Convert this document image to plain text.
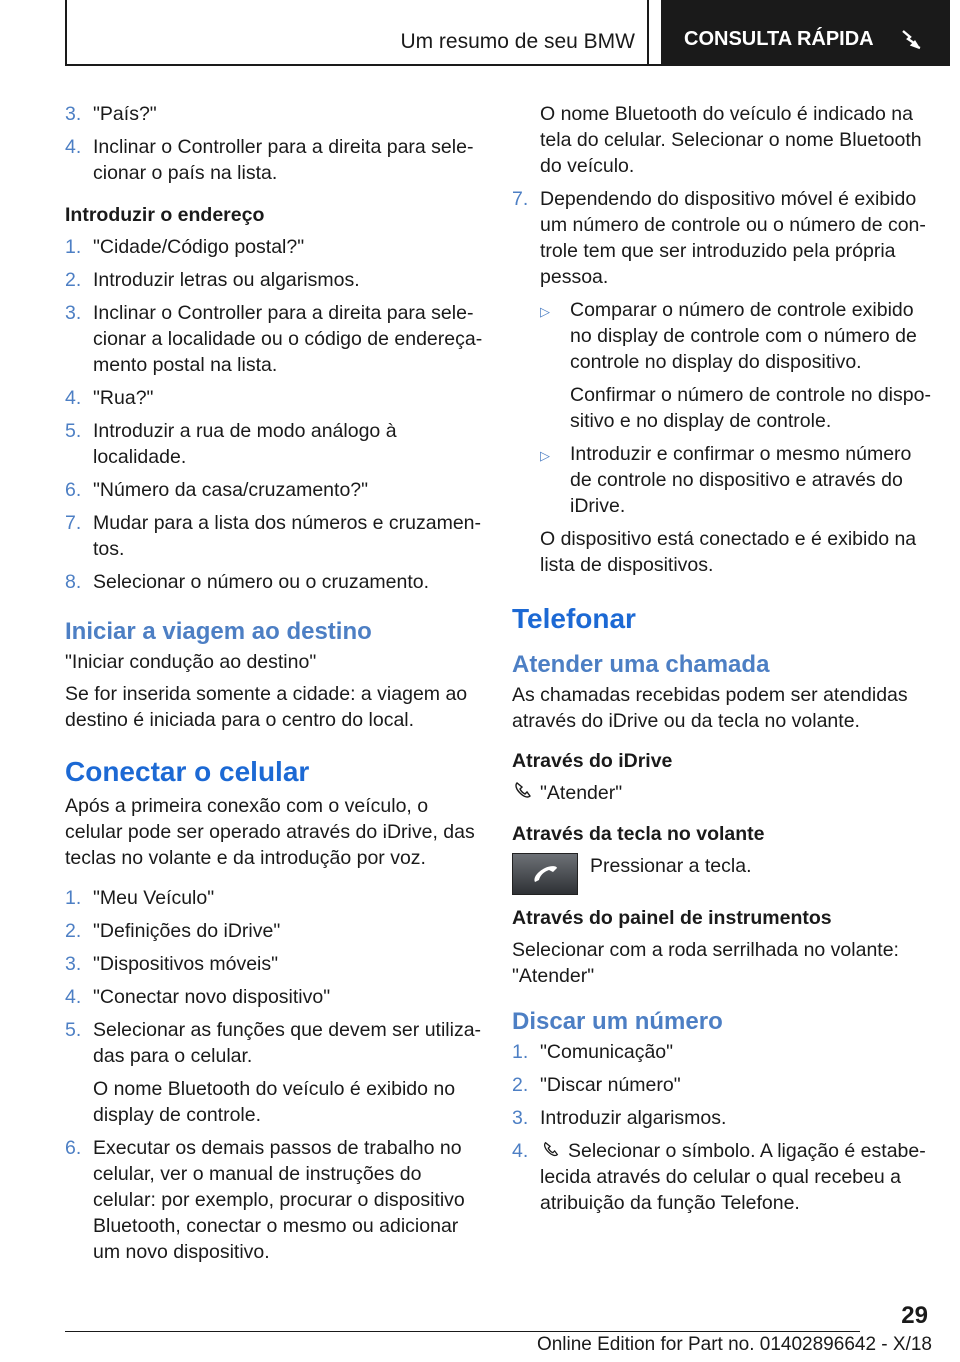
Um resumo de seu BMW CONSULTA RÁPIDA
3. "País?"
4. Inclinar o Controller para a direita para selecionar o país na lista.
Introduzir o endereço
1. "Cidade/Código postal?"
2. Introduzir letras ou algarismos.
3. Inclinar o Controller para a direita para selecionar a localidade ou o código de endereçamento postal na lista.
4. "Rua?"
5. Introduzir a rua de modo análogo à localidade.
6. "Número da casa/cruzamento?"
7. Mudar para a lista dos números e cruzamentos.
8. Selecionar o número ou o cruzamento.
Iniciar a viagem ao destino
"Iniciar condução ao destino"
Se for inserida somente a cidade: a viagem ao destino é iniciada para o centro do local.
Conectar o celular
Após a primeira conexão com o veículo, o celular pode ser operado através do iDrive, das teclas no volante e da introdução por voz.
1. "Meu Veículo"
2. "Definições do iDrive"
3. "Dispositivos móveis"
4. "Conectar novo dispositivo"
5. Selecionar as funções que devem ser utilizadas para o celular.
O nome Bluetooth do veículo é exibido no display de controle.
6. Executar os demais passos de trabalho no celular, ver o manual de instruções do celular: por exemplo, procurar o dispositivo Bluetooth, conectar o mesmo ou adicionar um novo dispositivo.
O nome Bluetooth do veículo é indicado na tela do celular. Selecionar o nome Bluetooth do veículo.
7. Dependendo do dispositivo móvel é exibido um número de controle ou o número de controle tem que ser introduzido pela própria pessoa.
▷	Comparar o número de controle exibido no display de controle com o número de controle no display do dispositivo.
Confirmar o número de controle no dispositivo e no display de controle.
▷	Introduzir e confirmar o mesmo número de controle no dispositivo e através do iDrive.
O dispositivo está conectado e é exibido na lista de dispositivos.
Telefonar
Atender uma chamada
As chamadas recebidas podem ser atendidas através do iDrive ou da tecla no volante.
Através do iDrive
"Atender"
Através da tecla no volante
Pressionar a tecla.
Através do painel de instrumentos
Selecionar com a roda serrilhada no volante: "Atender"
Discar um número
1. "Comunicação"
2. "Discar número"
3. Introduzir algarismos.
4.	Selecionar o símbolo. A ligação é estabelecida através do celular o qual recebeu a atribuição da função Telefone.
29
Online Edition for Part no. 01402896642 - X/18
